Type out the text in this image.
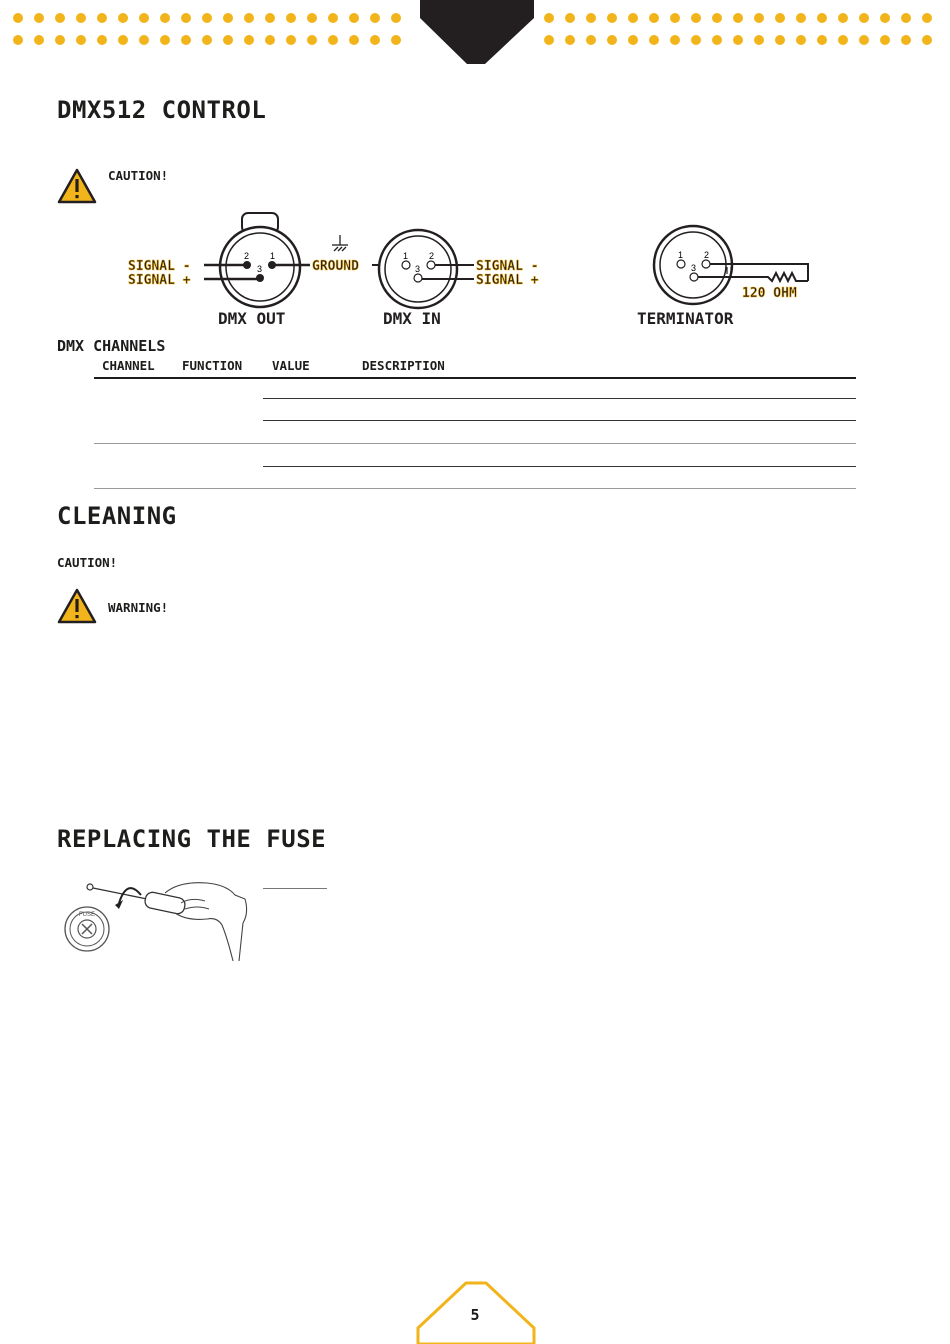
DMX512 CONTROL
CAUTION!
2 1
3
SIGNAL -
SIGNAL +
GROUND
1 2
3	SIGNAL -
SIGNAL +
1 2
3
120 OHM
DMX OUT	DMX IN	TERMINATOR
DMX CHANNELS
CHANNEL FUNCTION VALUE	DESCRIPTION
CLEANING
CAUTION!
WARNING!
REPLACING THE FUSE
FUSE
5
